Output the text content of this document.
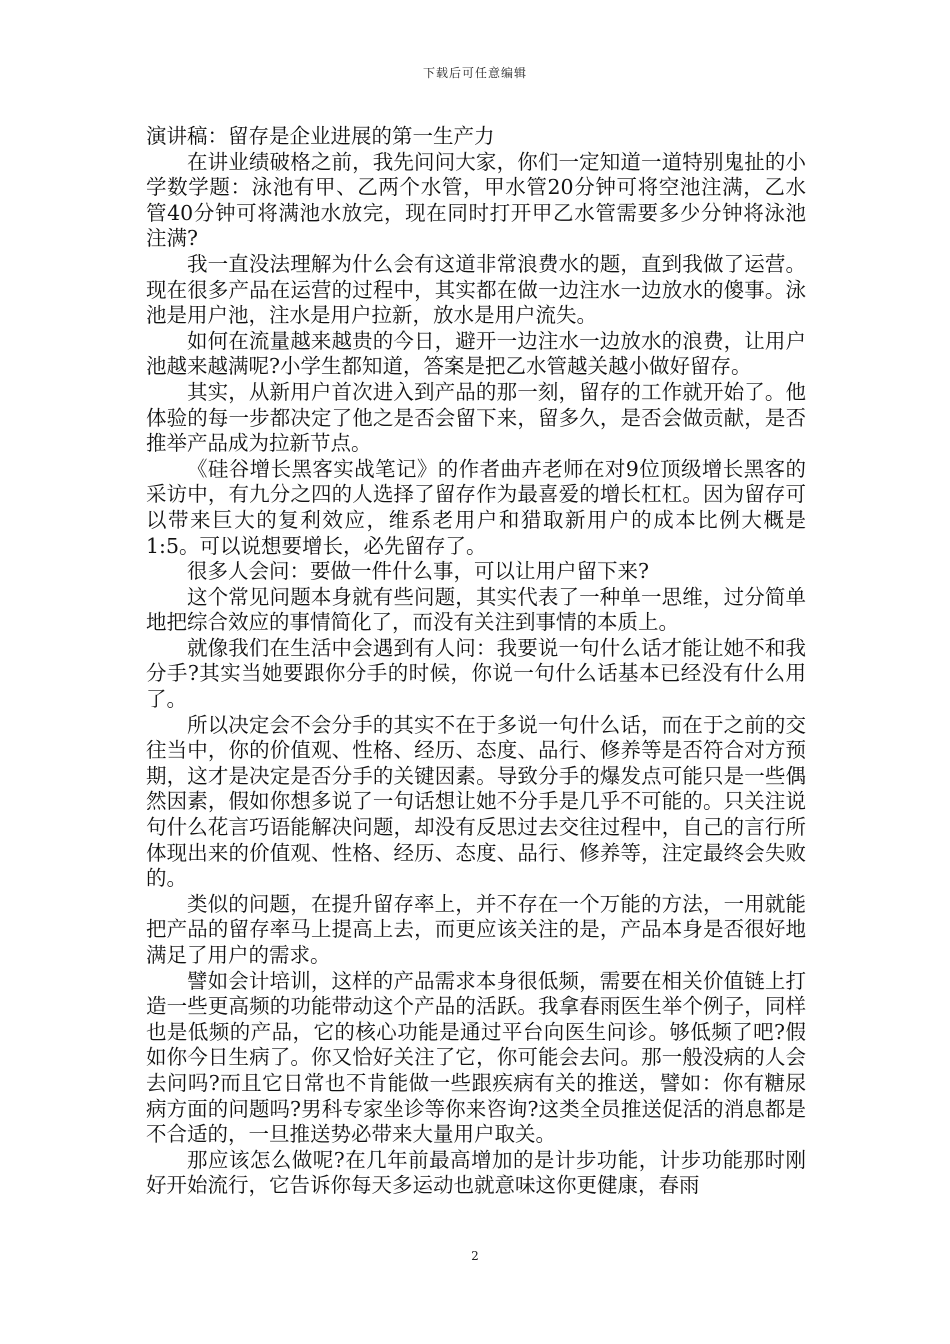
下载后可任意编辑
演讲稿：留存是企业进展的第一生产力

在讲业绩破格之前，我先问问大家，你们一定知道一道特别鬼扯的小学数学题：泳池有甲、乙两个水管，甲水管20分钟可将空池注满，乙水管40分钟可将满池水放完，现在同时打开甲乙水管需要多少分钟将泳池注满?

我一直没法理解为什么会有这道非常浪费水的题，直到我做了运营。现在很多产品在运营的过程中，其实都在做一边注水一边放水的傻事。泳池是用户池，注水是用户拉新，放水是用户流失。

如何在流量越来越贵的今日，避开一边注水一边放水的浪费，让用户池越来越满呢?小学生都知道，答案是把乙水管越关越小做好留存。

其实，从新用户首次进入到产品的那一刻，留存的工作就开始了。他体验的每一步都决定了他之是否会留下来，留多久，是否会做贡献，是否推举产品成为拉新节点。

《硅谷增长黑客实战笔记》的作者曲卉老师在对9位顶级增长黑客的采访中，有九分之四的人选择了留存作为最喜爱的增长杠杠。因为留存可以带来巨大的复利效应，维系老用户和猎取新用户的成本比例大概是1:5。可以说想要增长，必先留存了。

很多人会问：要做一件什么事，可以让用户留下来?

这个常见问题本身就有些问题，其实代表了一种单一思维，过分简单地把综合效应的事情简化了，而没有关注到事情的本质上。

就像我们在生活中会遇到有人问：我要说一句什么话才能让她不和我分手?其实当她要跟你分手的时候，你说一句什么话基本已经没有什么用了。

所以决定会不会分手的其实不在于多说一句什么话，而在于之前的交往当中，你的价值观、性格、经历、态度、品行、修养等是否符合对方预期，这才是决定是否分手的关键因素。导致分手的爆发点可能只是一些偶然因素，假如你想多说了一句话想让她不分手是几乎不可能的。只关注说句什么花言巧语能解决问题，却没有反思过去交往过程中，自己的言行所体现出来的价值观、性格、经历、态度、品行、修养等，注定最终会失败的。

类似的问题，在提升留存率上，并不存在一个万能的方法，一用就能把产品的留存率马上提高上去，而更应该关注的是，产品本身是否很好地满足了用户的需求。

譬如会计培训，这样的产品需求本身很低频，需要在相关价值链上打造一些更高频的功能带动这个产品的活跃。我拿春雨医生举个例子，同样也是低频的产品，它的核心功能是通过平台向医生问诊。够低频了吧?假如你今日生病了。你又恰好关注了它，你可能会去问。那一般没病的人会去问吗?而且它日常也不肯能做一些跟疾病有关的推送，譬如：你有糖尿病方面的问题吗?男科专家坐诊等你来咨询?这类全员推送促活的消息都是不合适的，一旦推送势必带来大量用户取关。

那应该怎么做呢?在几年前最高增加的是计步功能，计步功能那时刚好开始流行，它告诉你每天多运动也就意味这你更健康，春雨

2
